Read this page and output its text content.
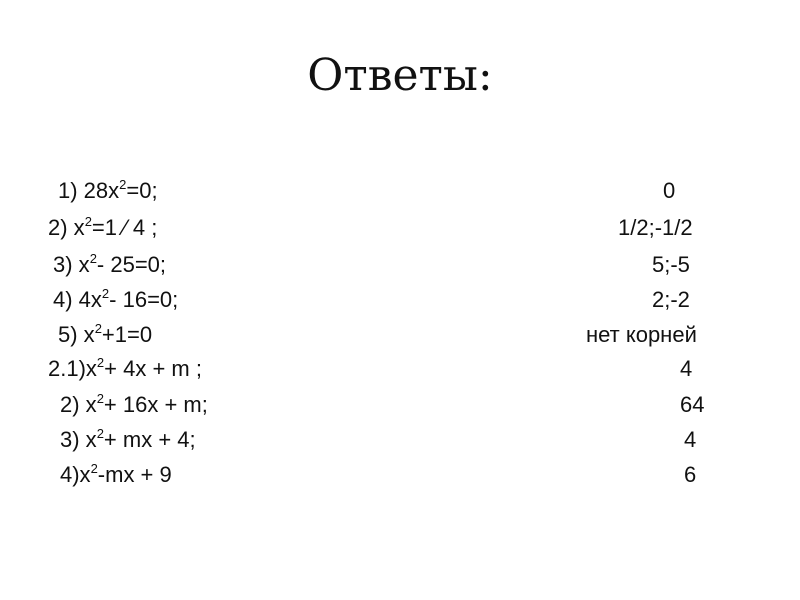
Ответы:
1) $28x^2=0$;	0
2) $x^2=1$ ⁄ 4 ;	1/2;-1/2
3) $x^2-$ 25=0;	5;-5
4) $4x^2-$ 16=0;	2;-2
5) $x^2+1=0$	нет корней
$2.1)x^2+ 4x + m$ ;	4
2) $x^2+ 16x + m$;	64
3) $x^2+$ mx + 4;	4
$4)x^2-mx + 9$	6
